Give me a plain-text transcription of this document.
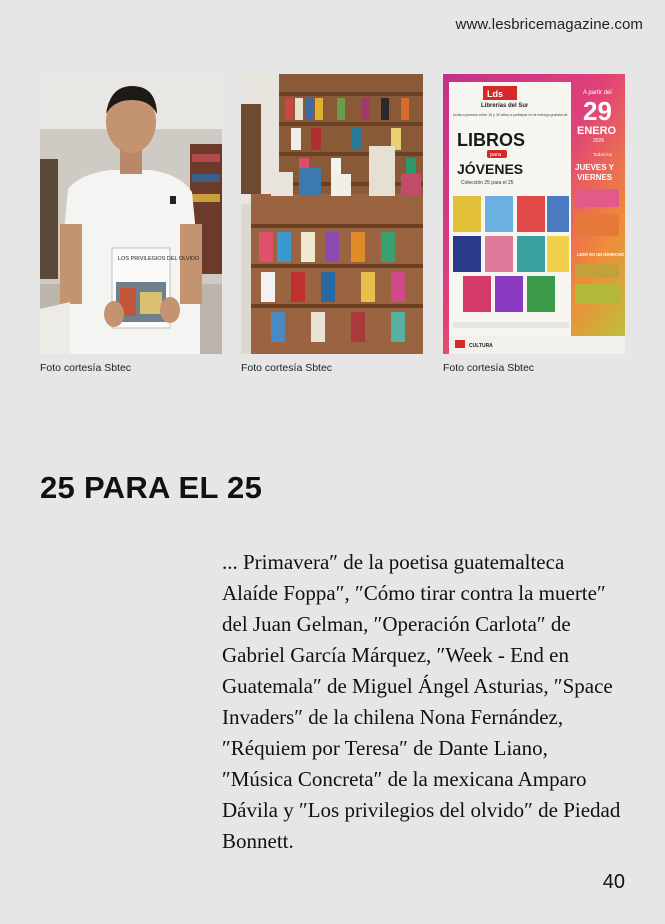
www.lesbricemagazine.com
LOS PRIVILEGIOS DEL OLVIDO
Lds
Librerías del Sur
Invita a jóvenes entre 15 y 30 años a participar en la entrega gratuita de
LIBROS
para
JÓVENES
Colección 25 para el 25
A partir del
29
ENERO
2026
Todos los
JUEVES Y
VIERNES
LEER ES UN DERECHO
CULTURA
Foto cortesía Sbtec	Foto cortesía Sbtec	Foto cortesía Sbtec
25 PARA EL 25

... Primavera″ de la poetisa guatemalteca Alaíde Foppa″, ″Cómo tirar contra la muerte″ del Juan Gelman, ″Operación Carlota″ de Gabriel García Márquez, ″Week - End en Guatemala″ de Miguel Ángel Asturias, ″Space Invaders″ de la chilena Nona Fernández, ″Réquiem por Teresa″ de Dante Liano, ″Música Concreta″ de la mexicana Amparo Dávila y ″Los privilegios del olvido″ de Piedad Bonnett.

40
